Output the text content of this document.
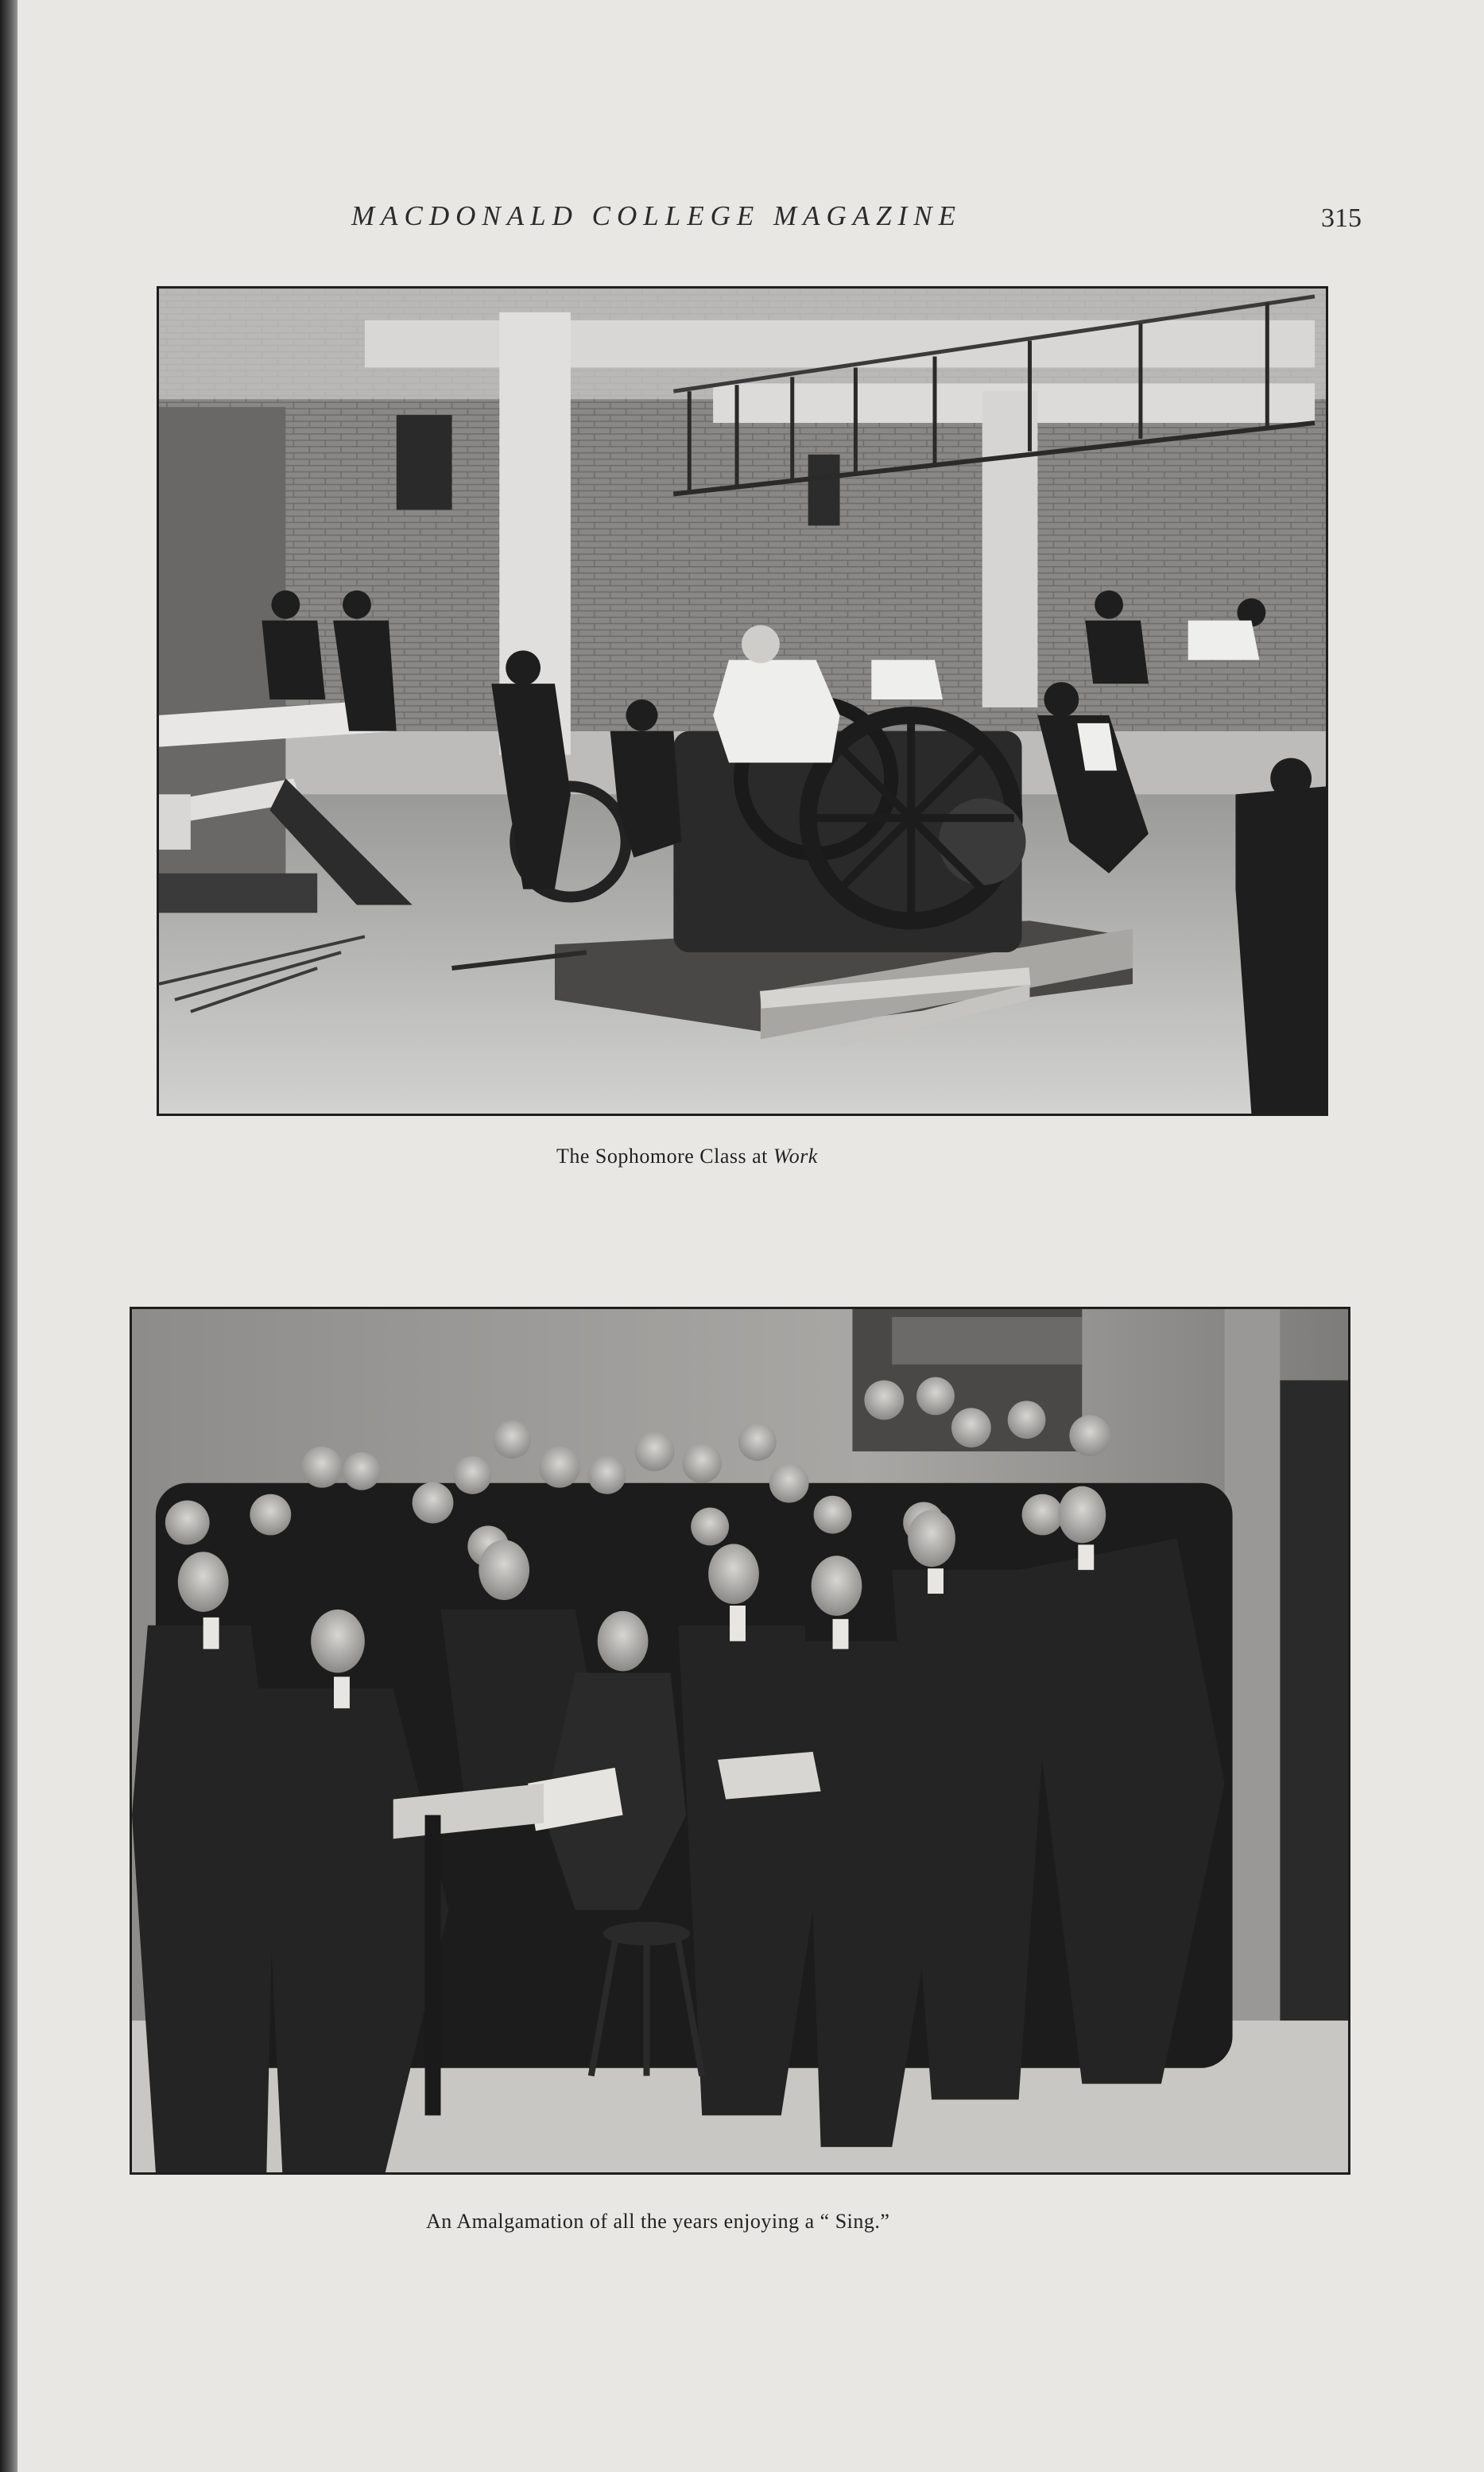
MACDONALD COLLEGE MAGAZINE	315
The Sophomore Class at Work
An Amalgamation of all the years enjoying a “ Sing.”
